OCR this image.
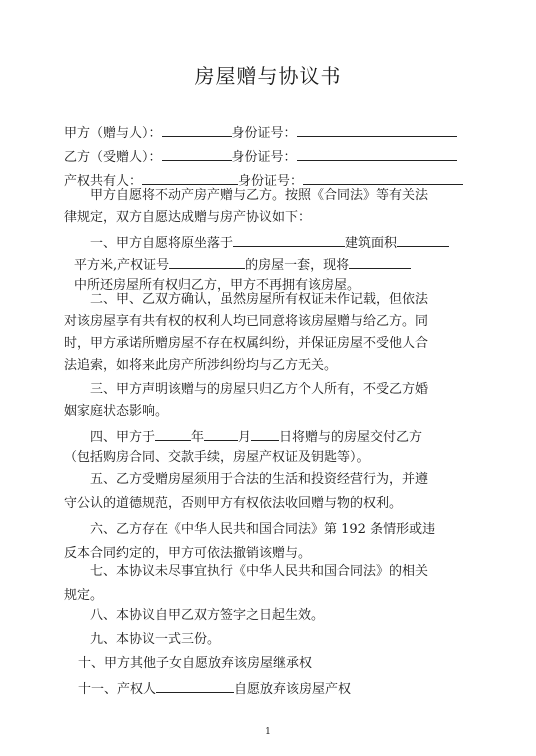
房屋赠与协议书
甲方（赠与人）：	身份证号：
乙方（受赠人）：	身份证号：
产权共有人：	身份证号：
甲方自愿将不动产房产赠与乙方。按照《合同法》等有关法
律规定，双方自愿达成赠与房产协议如下：
一、甲方自愿将原坐落于	建筑面积
平方米,产权证号	的房屋一套，现将
中所还房屋所有权归乙方，甲方不再拥有该房屋。
二、甲、乙双方确认，虽然房屋所有权证未作记载，但依法
对该房屋享有共有权的权利人均已同意将该房屋赠与给乙方。同
时，甲方承诺所赠房屋不存在权属纠纷，并保证房屋不受他人合
法追索，如将来此房产所涉纠纷均与乙方无关。
三、甲方声明该赠与的房屋只归乙方个人所有，不受乙方婚
姻家庭状态影响。
四、甲方于	年	月 日将赠与的房屋交付乙方
（包括购房合同、交款手续，房屋产权证及钥匙等）。
五、乙方受赠房屋须用于合法的生活和投资经营行为，并遵
守公认的道德规范，否则甲方有权依法收回赠与物的权利。
六、乙方存在《中华人民共和国合同法》第 192 条情形或违
反本合同约定的，甲方可依法撤销该赠与。
七、本协议未尽事宜执行《中华人民共和国合同法》的相关
规定。
1
八、本协议自甲乙双方签字之日起生效。
九、本协议一式三份。
十、甲方其他子女自愿放弃该房屋继承权
十一、产权人	自愿放弃该房屋产权
